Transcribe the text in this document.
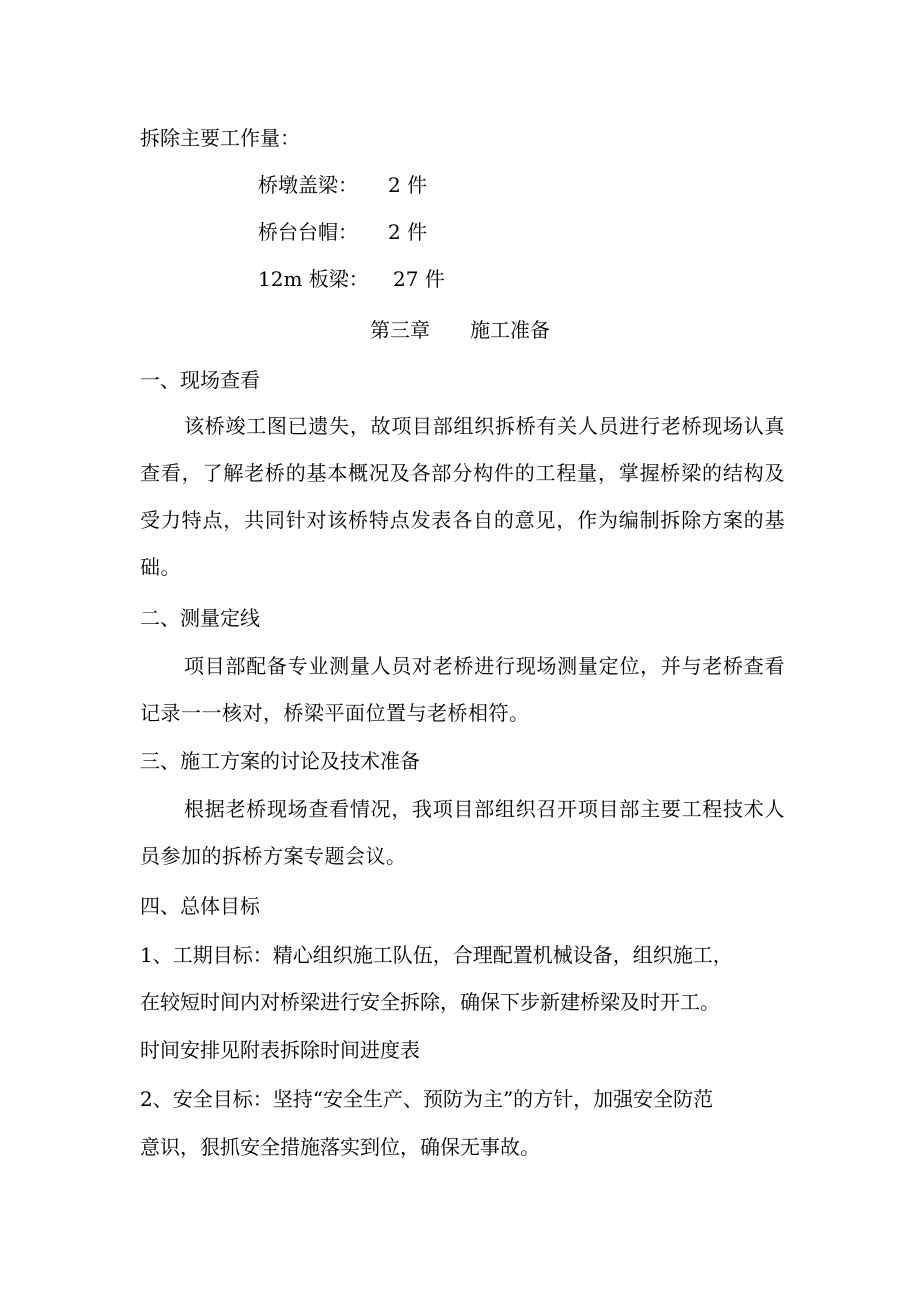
拆除主要工作量：
桥墩盖梁： 2 件
桥台台帽： 2 件
12m 板梁： 27 件
第三章　　施工准备
一、现场查看
该桥竣工图已遗失，故项目部组织拆桥有关人员进行老桥现场认真查看，了解老桥的基本概况及各部分构件的工程量，掌握桥梁的结构及受力特点，共同针对该桥特点发表各自的意见，作为编制拆除方案的基础。
二、测量定线
项目部配备专业测量人员对老桥进行现场测量定位，并与老桥查看记录一一核对，桥梁平面位置与老桥相符。
三、施工方案的讨论及技术准备
根据老桥现场查看情况，我项目部组织召开项目部主要工程技术人员参加的拆桥方案专题会议。
四、总体目标
1、工期目标：精心组织施工队伍，合理配置机械设备，组织施工，
在较短时间内对桥梁进行安全拆除，确保下步新建桥梁及时开工。
时间安排见附表拆除时间进度表
2、安全目标：坚持“安全生产、预防为主”的方针，加强安全防范
意识，狠抓安全措施落实到位，确保无事故。
